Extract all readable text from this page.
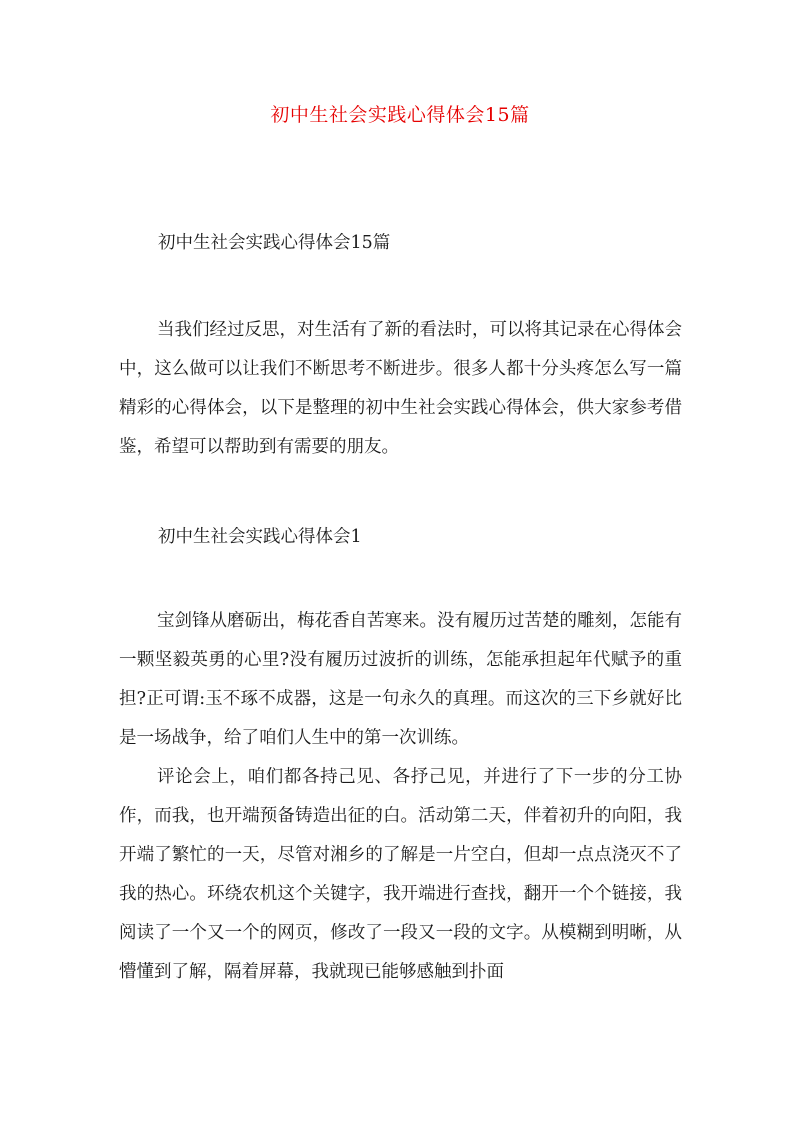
初中生社会实践心得体会15篇

初中生社会实践心得体会15篇

当我们经过反思，对生活有了新的看法时，可以将其记录在心得体会中，这么做可以让我们不断思考不断进步。很多人都十分头疼怎么写一篇精彩的心得体会，以下是整理的初中生社会实践心得体会，供大家参考借鉴，希望可以帮助到有需要的朋友。

初中生社会实践心得体会1

宝剑锋从磨砺出，梅花香自苦寒来。没有履历过苦楚的雕刻，怎能有一颗坚毅英勇的心里?没有履历过波折的训练，怎能承担起年代赋予的重担?正可谓:玉不琢不成器，这是一句永久的真理。而这次的三下乡就好比是一场战争，给了咱们人生中的第一次训练。

评论会上，咱们都各持己见、各抒己见，并进行了下一步的分工协作，而我，也开端预备铸造出征的白。活动第二天，伴着初升的向阳，我开端了繁忙的一天，尽管对湘乡的了解是一片空白，但却一点点浇灭不了我的热心。环绕农机这个关键字，我开端进行查找，翻开一个个链接，我阅读了一个又一个的网页，修改了一段又一段的文字。从模糊到明晰，从懵懂到了解，隔着屏幕，我就现已能够感触到扑面
